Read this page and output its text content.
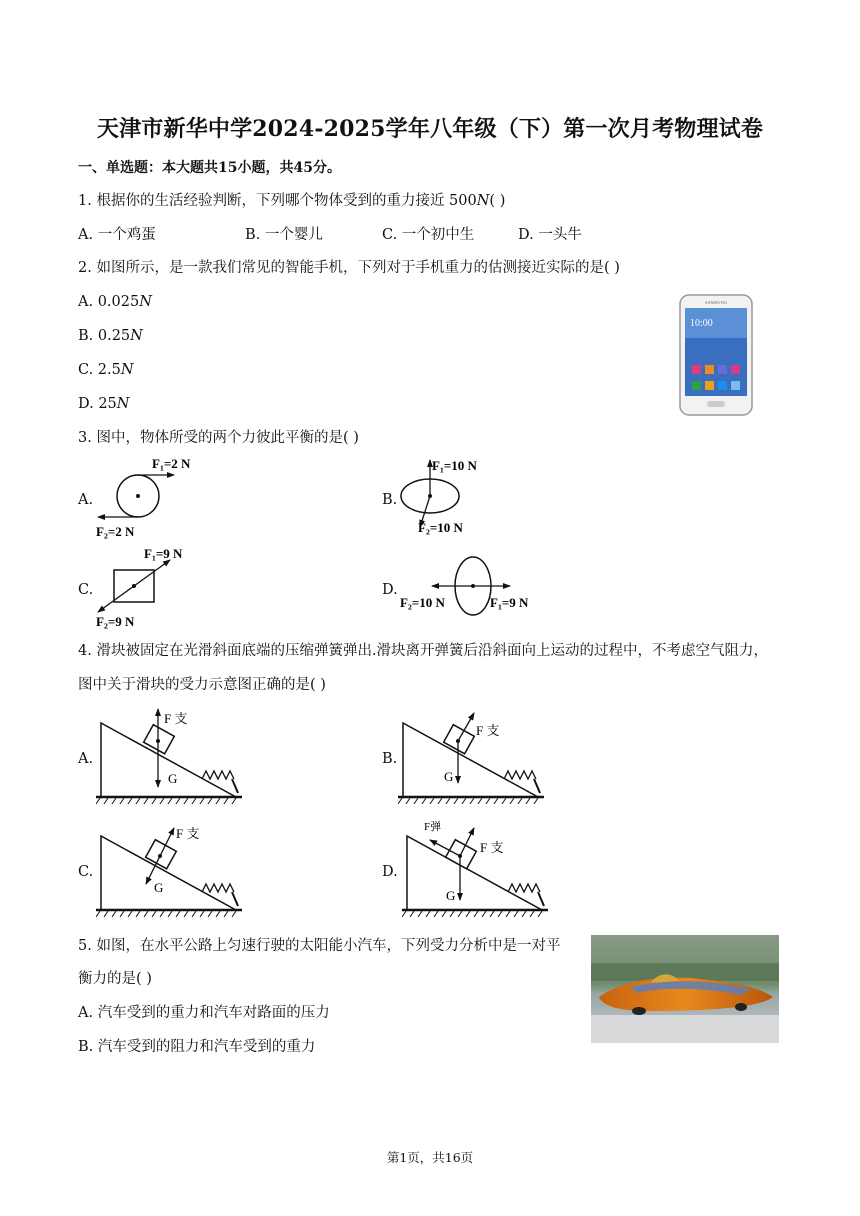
天津市新华中学2024-2025学年八年级（下）第一次月考物理试卷
一、单选题：本大题共15小题，共45分。
1. 根据你的生活经验判断，下列哪个物体受到的重力接近 500N( )
A. 一个鸡蛋	B. 一个婴儿	C. 一个初中生	D. 一头牛
2. 如图所示，是一款我们常见的智能手机，下列对于手机重力的估测接近实际的是( )
A. 0.025N
B. 0.25N
C. 2.5N
D. 25N
SAMSUNG
10:00
3. 图中，物体所受的两个力彼此平衡的是( )
A.
F₁=2 N
F₂=2 N
B.
F₁=10 N
F₂=10 N
C.
F₁=9 N
F₂=9 N
D.
F₂=10 N	F₁=9 N
4. 滑块被固定在光滑斜面底端的压缩弹簧弹出.滑块离开弹簧后沿斜面向上运动的过程中，不考虑空气阻力，
图中关于滑块的受力示意图正确的是( )
A.
F 支
G
B.
F 支
G
C.
F 支
G
D.
F弹
F 支
G
5. 如图，在水平公路上匀速行驶的太阳能小汽车，下列受力分析中是一对平
衡力的是( )
A. 汽车受到的重力和汽车对路面的压力
B. 汽车受到的阻力和汽车受到的重力
第1页，共16页
